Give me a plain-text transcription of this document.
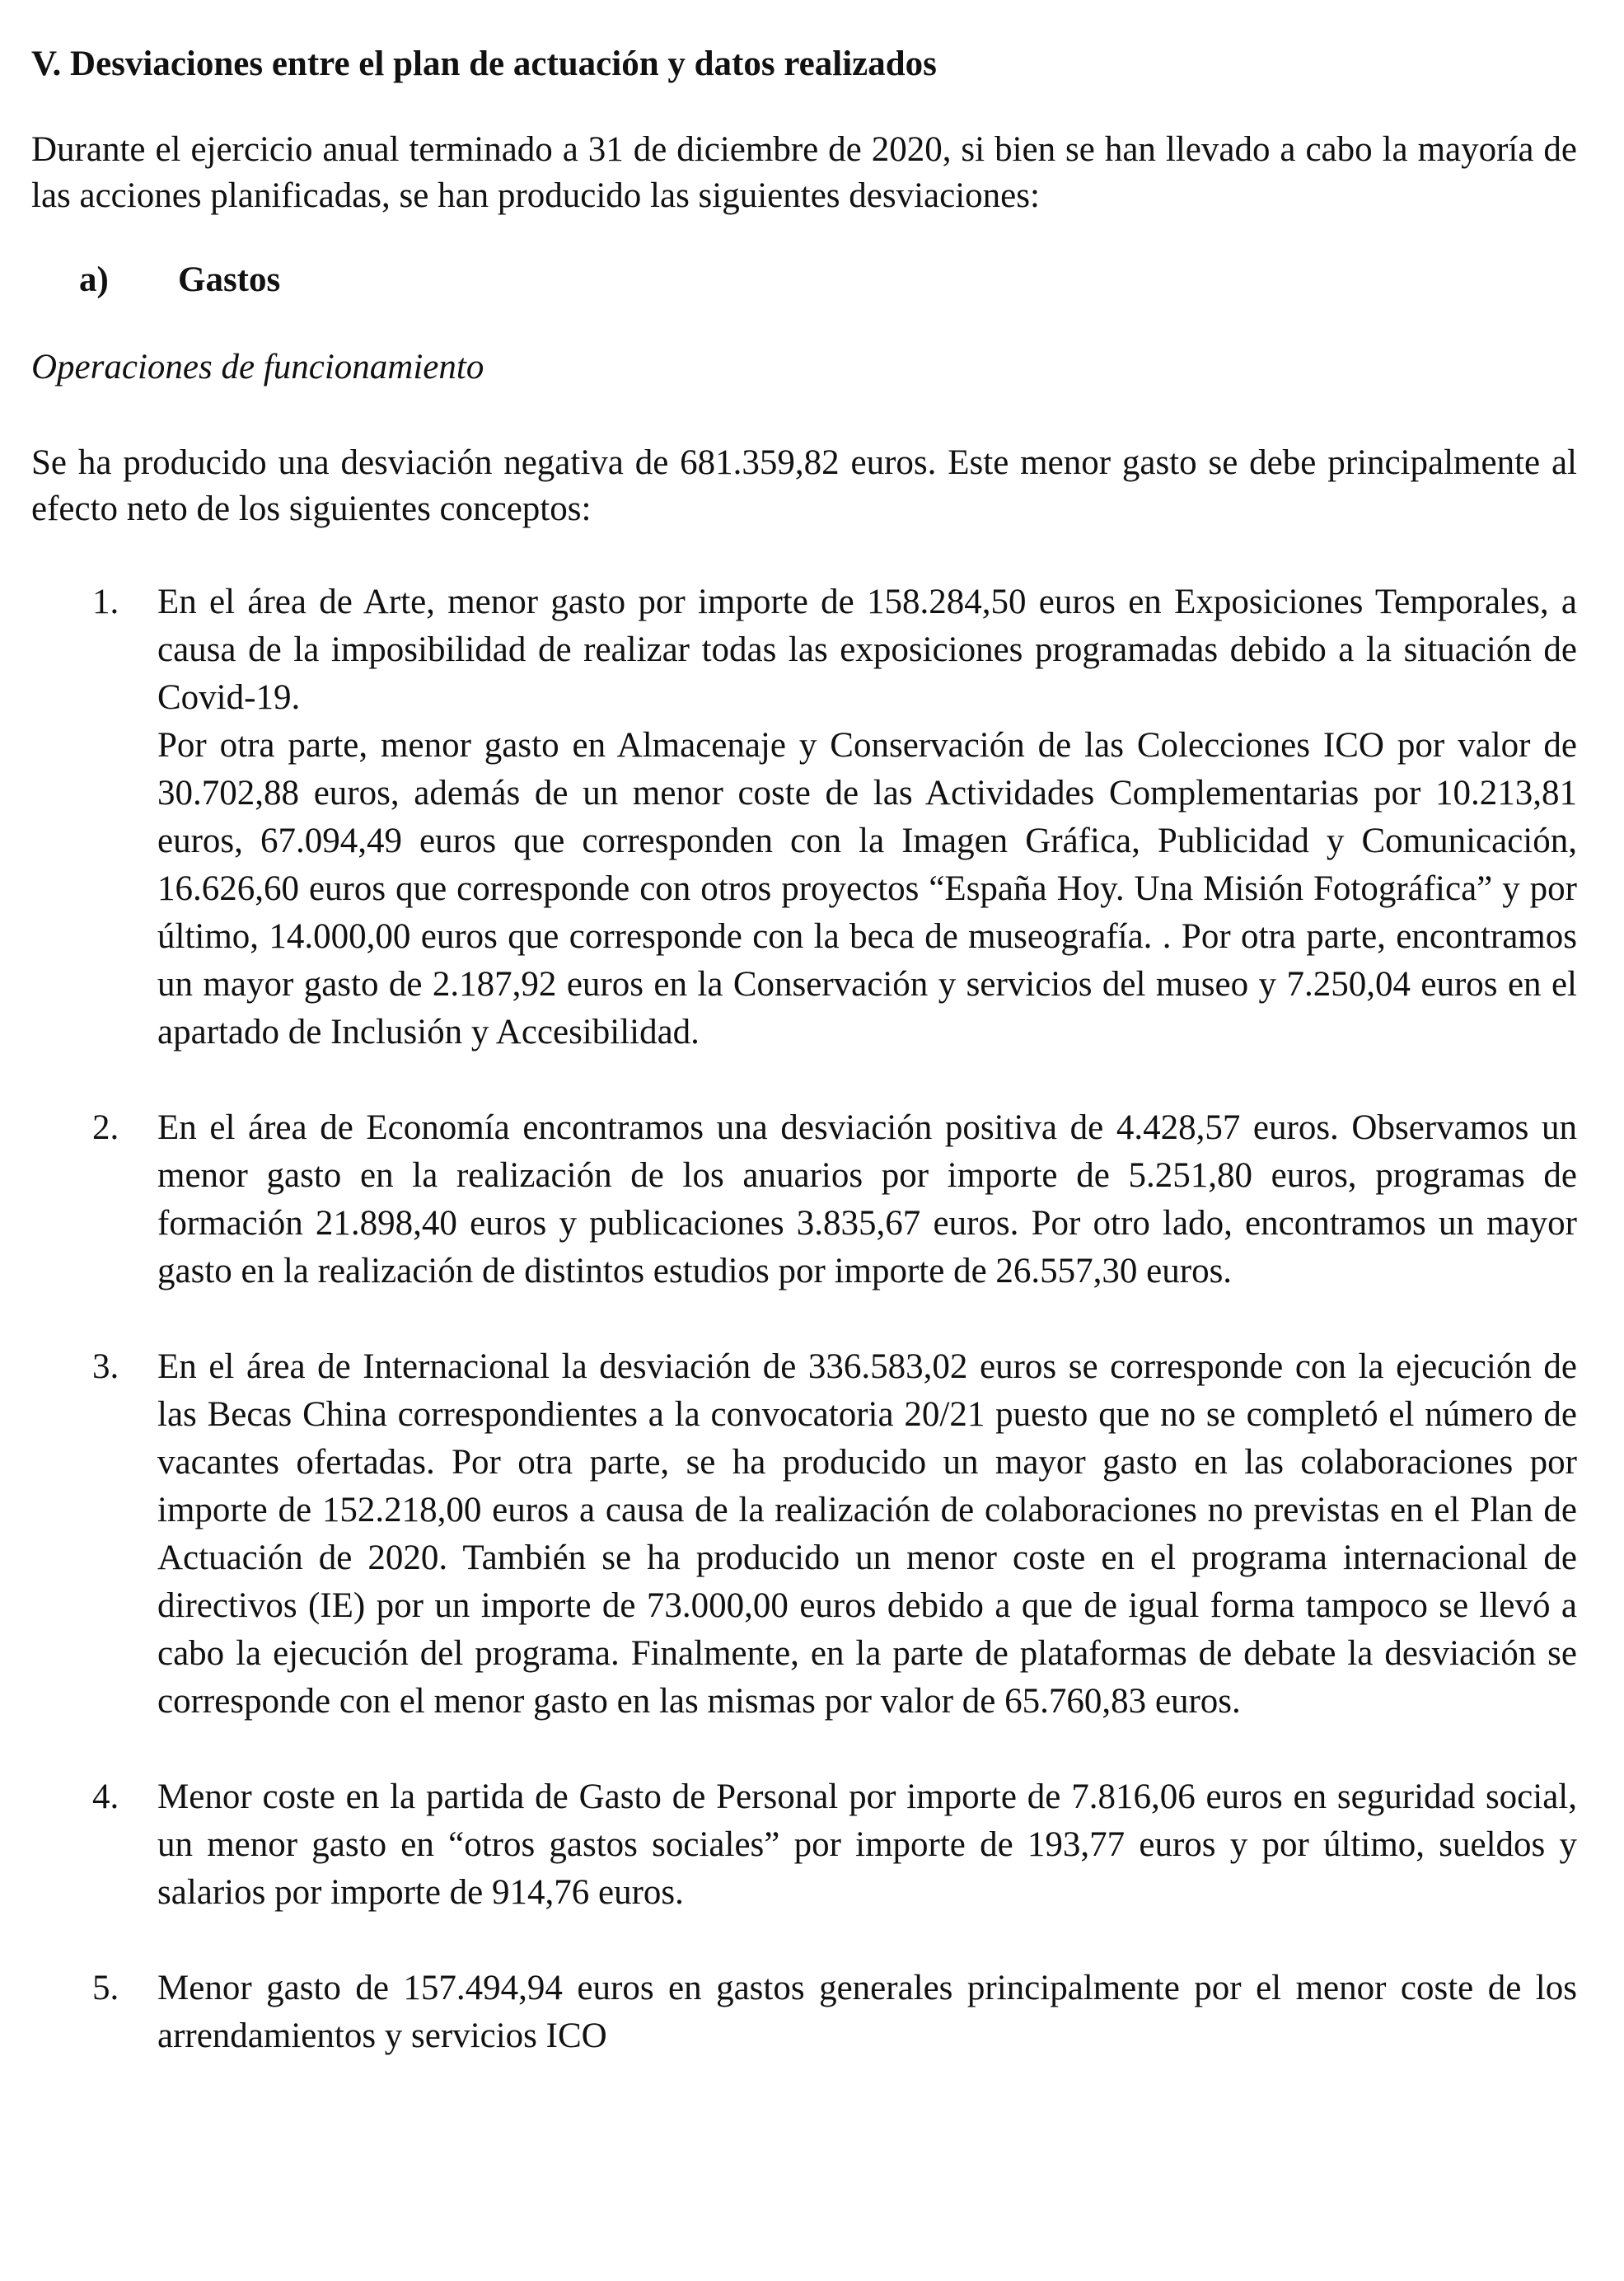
V. Desviaciones entre el plan de actuación y datos realizados

Durante el ejercicio anual terminado a 31 de diciembre de 2020, si bien se han llevado a cabo la mayoría de las acciones planificadas, se han producido las siguientes desviaciones:

a)	Gastos
Operaciones de funcionamiento

Se ha producido una desviación negativa de 681.359,82 euros. Este menor gasto se debe principalmente al efecto neto de los siguientes conceptos:

1.	En el área de Arte, menor gasto por importe de 158.284,50 euros en Exposiciones Temporales, a causa de la imposibilidad de realizar todas las exposiciones programadas debido a la situación de Covid-19.

Por otra parte, menor gasto en Almacenaje y Conservación de las Colecciones ICO por valor de 30.702,88 euros, además de un menor coste de las Actividades Complementarias por 10.213,81 euros, 67.094,49 euros que corresponden con la Imagen Gráfica, Publicidad y Comunicación, 16.626,60 euros que corresponde con otros proyectos “España Hoy. Una Misión Fotográfica” y por último, 14.000,00 euros que corresponde con la beca de museografía. . Por otra parte, encontramos un mayor gasto de 2.187,92 euros en la Conservación y servicios del museo y 7.250,04 euros en el apartado de Inclusión y Accesibilidad.

2.	En el área de Economía encontramos una desviación positiva de 4.428,57 euros. Observamos un menor gasto en la realización de los anuarios por importe de 5.251,80 euros, programas de formación 21.898,40 euros y publicaciones 3.835,67 euros. Por otro lado, encontramos un mayor gasto en la realización de distintos estudios por importe de 26.557,30 euros.

3.	En el área de Internacional la desviación de 336.583,02 euros se corresponde con la ejecución de las Becas China correspondientes a la convocatoria 20/21 puesto que no se completó el número de vacantes ofertadas. Por otra parte, se ha producido un mayor gasto en las colaboraciones por importe de 152.218,00 euros a causa de la realización de colaboraciones no previstas en el Plan de Actuación de 2020. También se ha producido un menor coste en el programa internacional de directivos (IE) por un importe de 73.000,00 euros debido a que de igual forma tampoco se llevó a cabo la ejecución del programa. Finalmente, en la parte de plataformas de debate la desviación se corresponde con el menor gasto en las mismas por valor de 65.760,83 euros.

4.	Menor coste en la partida de Gasto de Personal por importe de 7.816,06 euros en seguridad social, un menor gasto en “otros gastos sociales” por importe de 193,77 euros y por último, sueldos y salarios por importe de 914,76 euros.

5.	Menor gasto de 157.494,94 euros en gastos generales principalmente por el menor coste de los arrendamientos y servicios ICO
